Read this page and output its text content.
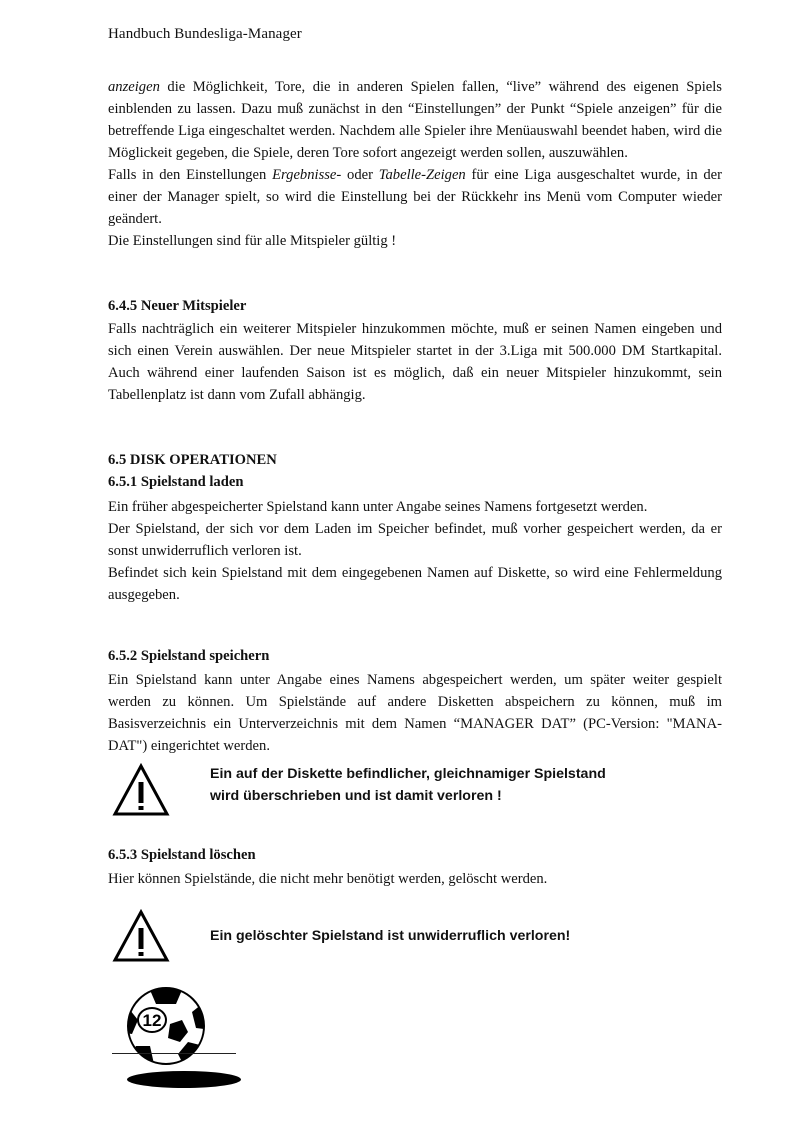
Handbuch Bundesliga-Manager

anzeigen die Möglichkeit, Tore, die in anderen Spielen fallen, “live” während des eigenen Spiels einblenden zu lassen. Dazu muß zunächst in den “Einstellungen” der Punkt “Spiele anzeigen” für die betreffende Liga eingeschaltet werden. Nachdem alle Spieler ihre Menüauswahl beendet haben, wird die Möglickeit gegeben, die Spiele, deren Tore sofort angezeigt werden sollen, auszuwählen.
Falls in den Einstellungen Ergebnisse- oder Tabelle-Zeigen für eine Liga ausgeschaltet wurde, in der einer der Manager spielt, so wird die Einstellung bei der Rückkehr ins Menü vom Computer wieder geändert.
Die Einstellungen sind für alle Mitspieler gültig !

6.4.5 Neuer Mitspieler

Falls nachträglich ein weiterer Mitspieler hinzukommen möchte, muß er seinen Namen eingeben und sich einen Verein auswählen. Der neue Mitspieler startet in der 3.Liga mit 500.000 DM Startkapital. Auch während einer laufenden Saison ist es möglich, daß ein neuer Mitspieler hinzukommt, sein Tabellenplatz ist dann vom Zufall abhängig.

6.5 DISK OPERATIONEN
6.5.1 Spielstand laden

Ein früher abgespeicherter Spielstand kann unter Angabe seines Namens fortgesetzt werden.
Der Spielstand, der sich vor dem Laden im Speicher befindet, muß vorher gespeichert werden, da er sonst unwiderruflich verloren ist.
Befindet sich kein Spielstand mit dem eingegebenen Namen auf Diskette, so wird eine Fehlermeldung ausgegeben.

6.5.2 Spielstand speichern

Ein Spielstand kann unter Angabe eines Namens abgespeichert werden, um später weiter gespielt werden zu können. Um Spielstände auf andere Disketten abspeichern zu können, muß im Basisverzeichnis ein Unterverzeichnis mit dem Namen “MANAGER DAT” (PC-Version: "MANA-DAT") eingerichtet werden.

Ein auf der Diskette befindlicher, gleichnamiger Spielstand
wird überschrieben und ist damit verloren !
6.5.3 Spielstand löschen

Hier können Spielstände, die nicht mehr benötigt werden, gelöscht werden.

Ein gelöschter Spielstand ist unwiderruflich verloren!
12
